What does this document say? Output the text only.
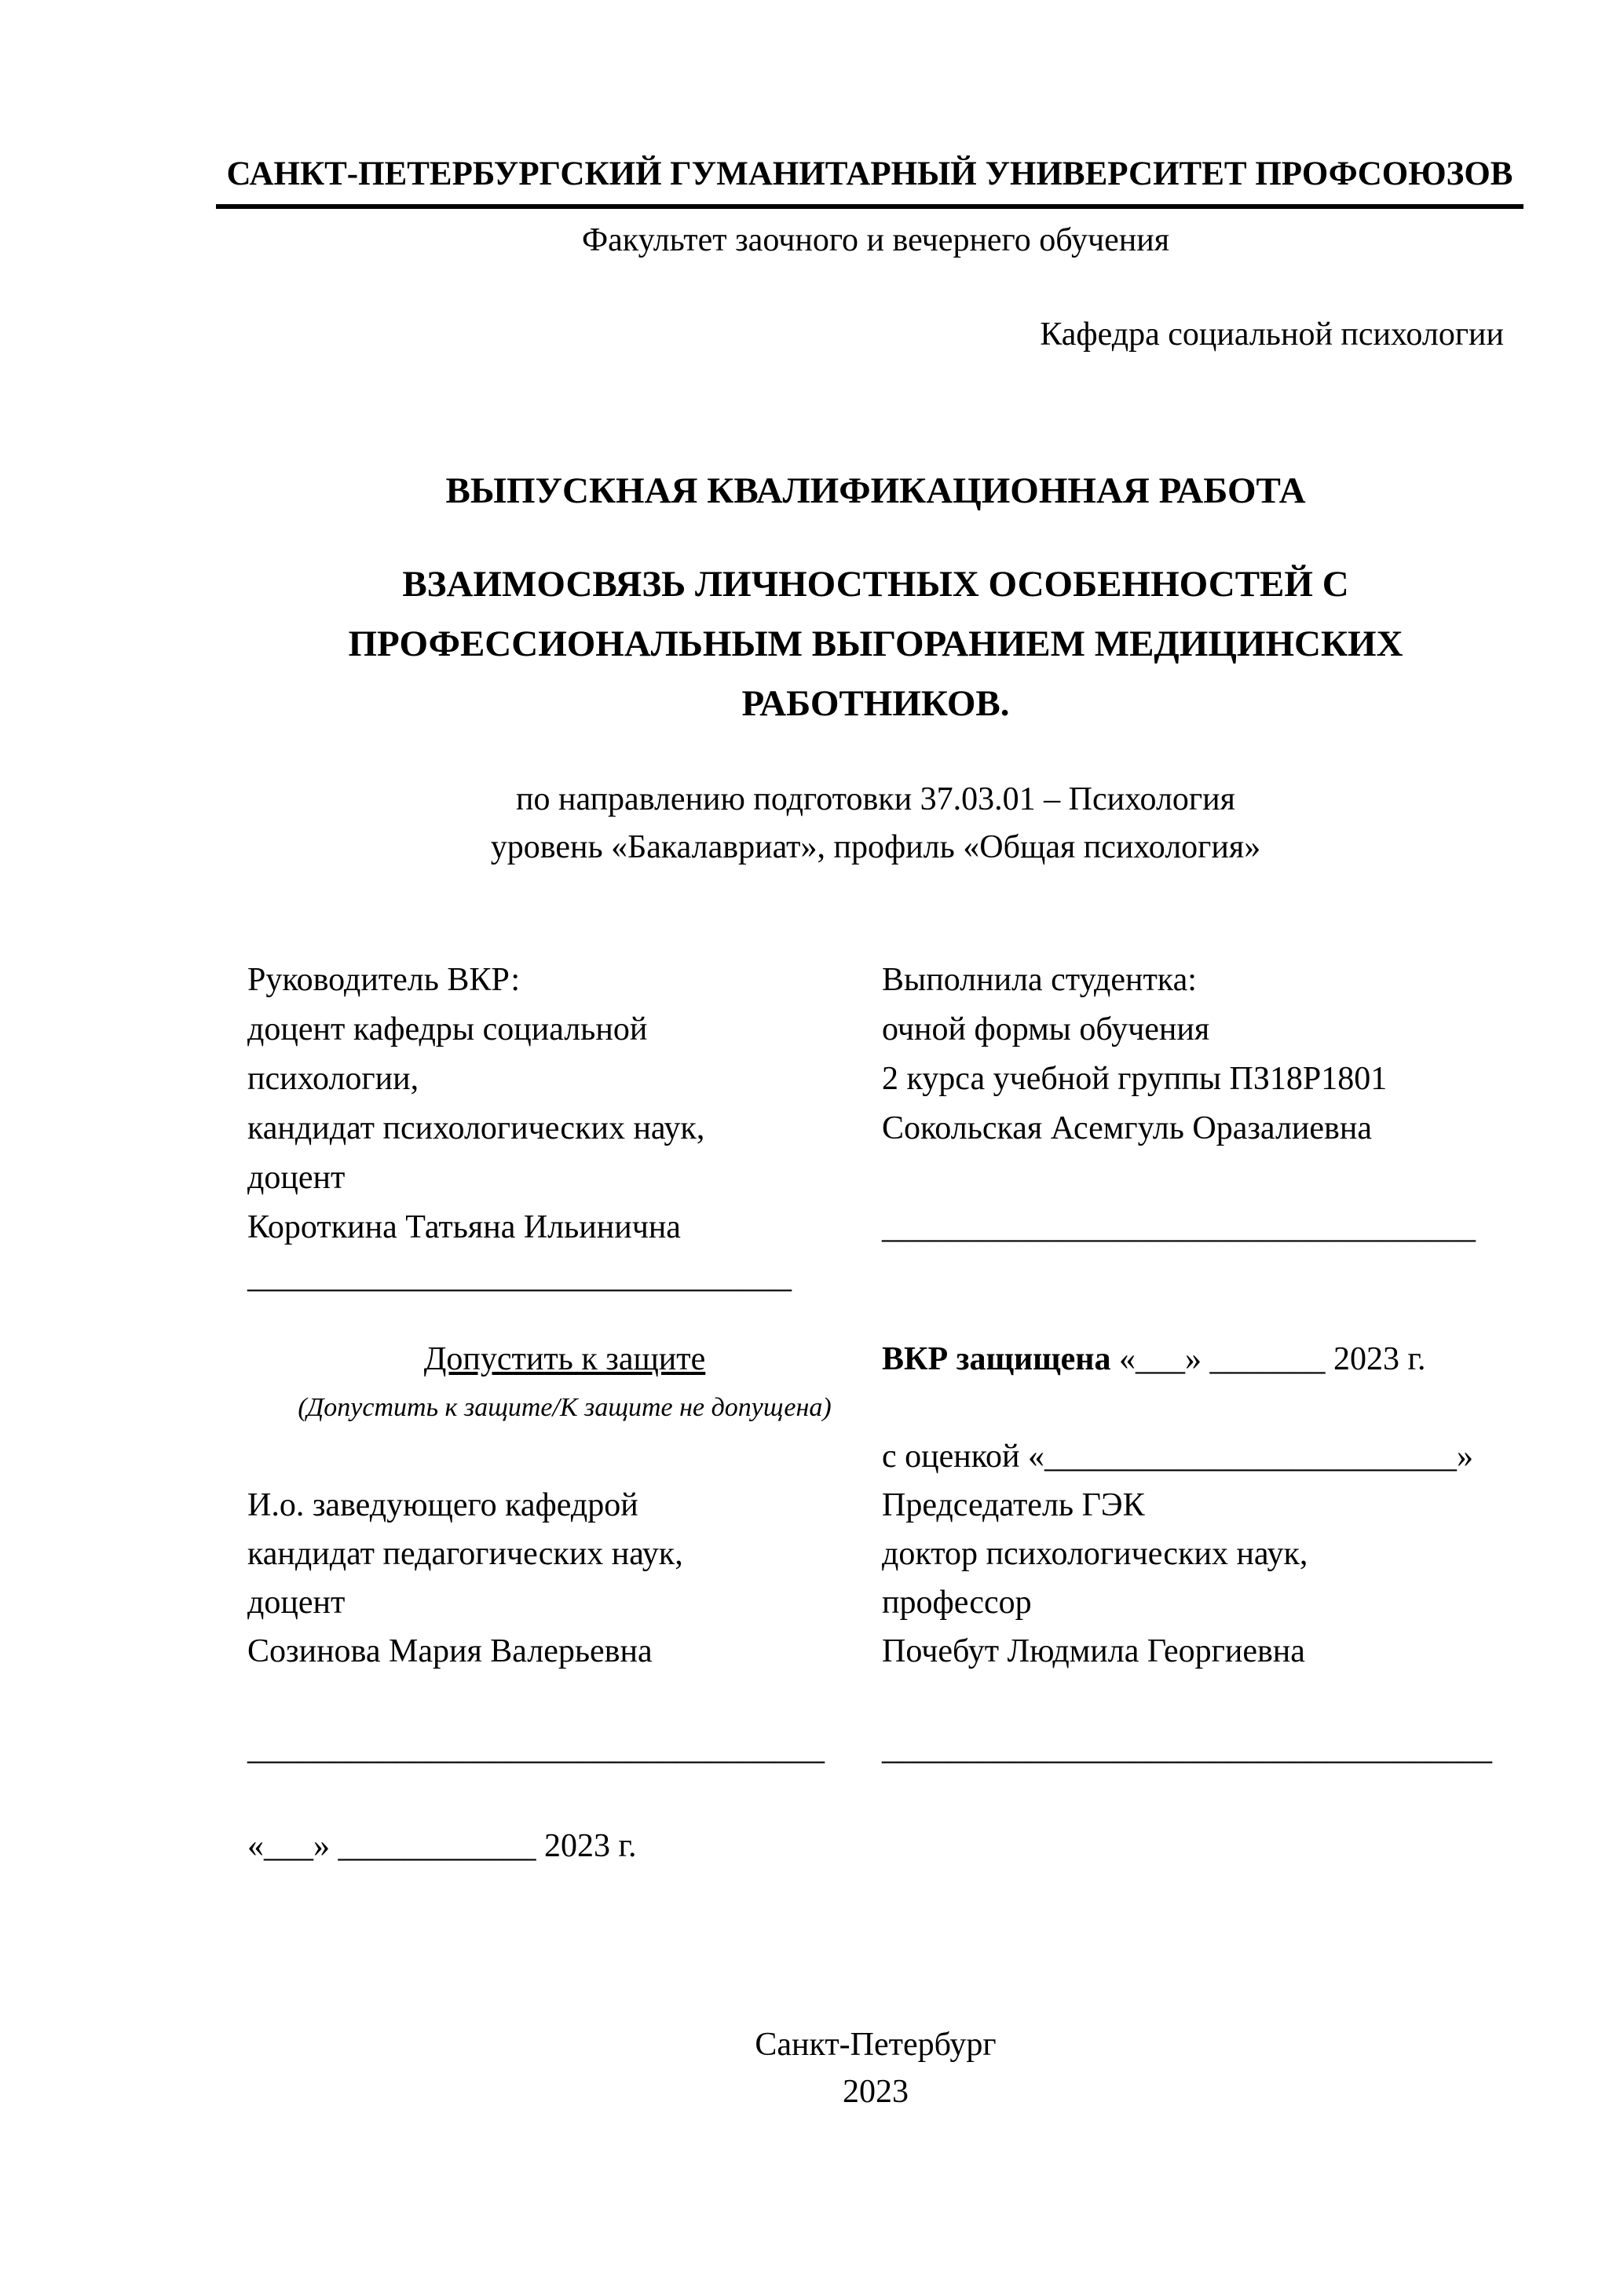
САНКТ-ПЕТЕРБУРГСКИЙ ГУМАНИТАРНЫЙ УНИВЕРСИТЕТ ПРОФСОЮЗОВ
Факультет заочного и вечернего обучения
Кафедра социальной психологии
ВЫПУСКНАЯ КВАЛИФИКАЦИОННАЯ РАБОТА
ВЗАИМОСВЯЗЬ ЛИЧНОСТНЫХ ОСОБЕННОСТЕЙ С
ПРОФЕССИОНАЛЬНЫМ ВЫГОРАНИЕМ МЕДИЦИНСКИХ
РАБОТНИКОВ.
по направлению подготовки 37.03.01 – Психология
уровень «Бакалавриат», профиль «Общая психология»
Руководитель ВКР:
доцент кафедры социальной
психологии,
кандидат психологических наук,
доцент
Короткина Татьяна Ильинична
_________________________________
Выполнила студентка:
очной формы обучения
2 курса учебной группы ПЗ18Р1801
Сокольская Асемгуль Оразалиевна
____________________________________
Допустить к защите
(Допустить к защите/К защите не допущена)
И.о. заведующего кафедрой
кандидат педагогических наук,
доцент
Созинова Мария Валерьевна
___________________________________
«___» ____________ 2023 г.
ВКР защищена «___» _______ 2023 г.
с оценкой «_________________________»
Председатель ГЭК
доктор психологических наук,
профессор
Почебут Людмила Георгиевна
_____________________________________
Санкт-Петербург
2023
